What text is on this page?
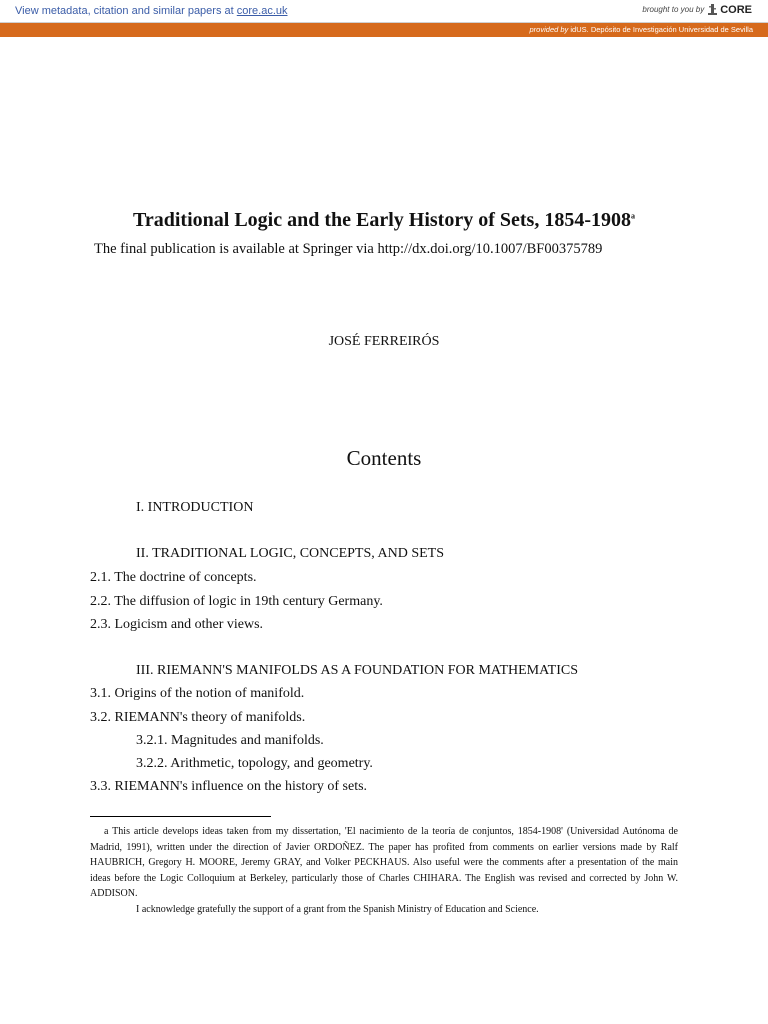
View metadata, citation and similar papers at core.ac.uk	brought to you by CORE
provided by idUS. Depósito de Investigación Universidad de Sevilla
Traditional Logic and the Early History of Sets, 1854-1908$^a$
The final publication is available at Springer via http://dx.doi.org/10.1007/BF00375789
JOSÉ FERREIRÓS
Contents
I. INTRODUCTION
II. TRADITIONAL LOGIC, CONCEPTS, AND SETS
2.1. The doctrine of concepts.
2.2. The diffusion of logic in 19th century Germany.
2.3. Logicism and other views.
III. RIEMANN'S MANIFOLDS AS A FOUNDATION FOR MATHEMATICS
3.1. Origins of the notion of manifold.
3.2. RIEMANN's theory of manifolds.
3.2.1. Magnitudes and manifolds.
3.2.2. Arithmetic, topology, and geometry.
3.3. RIEMANN's influence on the history of sets.

a This article develops ideas taken from my dissertation, 'El nacimiento de la teoría de conjuntos, 1854-1908' (Universidad Autónoma de Madrid, 1991), written under the direction of Javier ORDOÑEZ. The paper has profited from comments on earlier versions made by Ralf HAUBRICH, Gregory H. MOORE, Jeremy GRAY, and Volker PECKHAUS. Also useful were the comments after a presentation of the main ideas before the Logic Colloquium at Berkeley, particularly those of Charles CHIHARA. The English was revised and corrected by John W. ADDISON.

I acknowledge gratefully the support of a grant from the Spanish Ministry of Education and Science.
